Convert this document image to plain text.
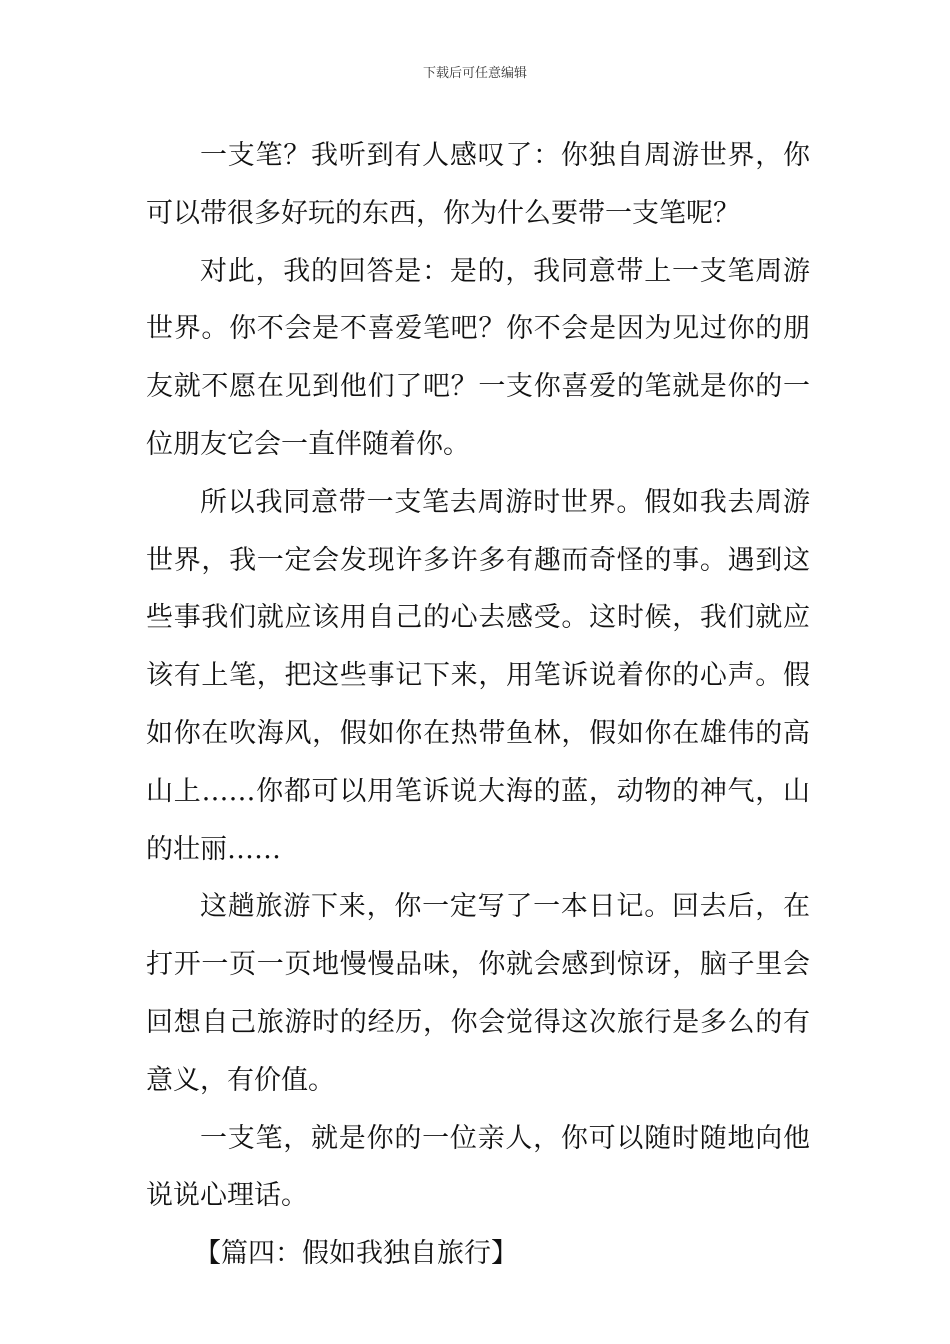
下载后可任意编辑

一支笔？我听到有人感叹了：你独自周游世界，你可以带很多好玩的东西，你为什么要带一支笔呢？

对此，我的回答是：是的，我同意带上一支笔周游世界。你不会是不喜爱笔吧？你不会是因为见过你的朋友就不愿在见到他们了吧？一支你喜爱的笔就是你的一位朋友它会一直伴随着你。

所以我同意带一支笔去周游时世界。假如我去周游世界，我一定会发现许多许多有趣而奇怪的事。遇到这些事我们就应该用自己的心去感受。这时候，我们就应该有上笔，把这些事记下来，用笔诉说着你的心声。假如你在吹海风，假如你在热带鱼林，假如你在雄伟的高山上……你都可以用笔诉说大海的蓝，动物的神气，山的壮丽……

这趟旅游下来，你一定写了一本日记。回去后，在打开一页一页地慢慢品味，你就会感到惊讶，脑子里会回想自己旅游时的经历，你会觉得这次旅行是多么的有意义，有价值。

一支笔，就是你的一位亲人，你可以随时随地向他说说心理话。

【篇四：假如我独自旅行】
